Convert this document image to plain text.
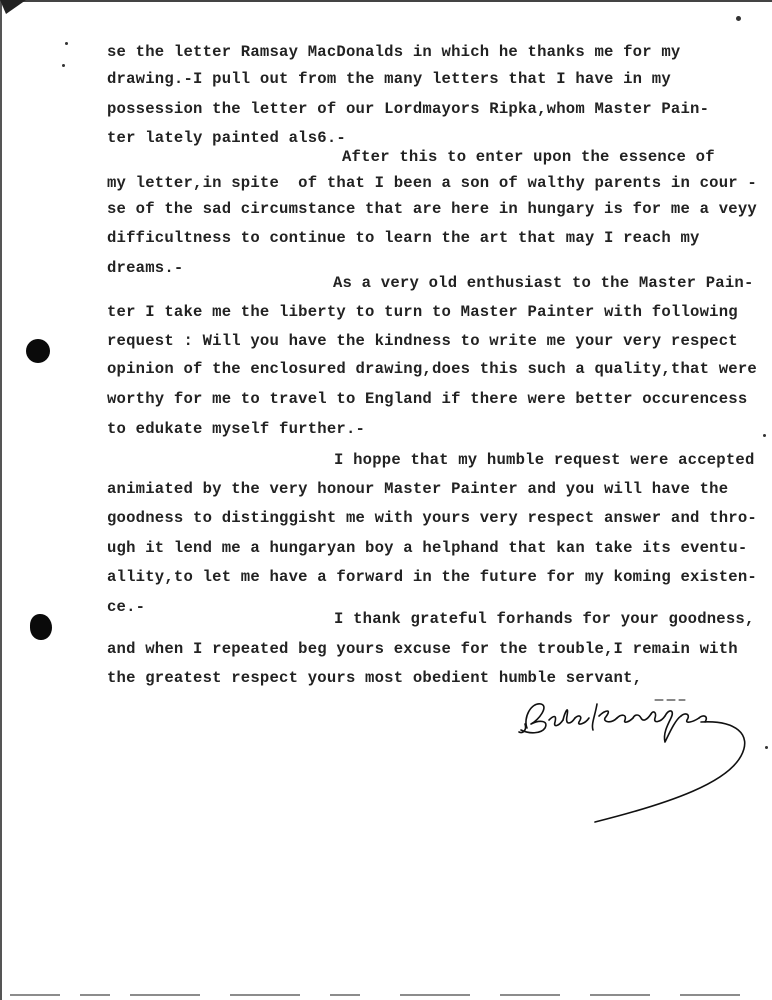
se the letter Ramsay MacDonalds in which he thanks me for my
drawing.-I pull out from the many letters that I have in my
possession the letter of our Lordmayors Ripka,whom Master Pain-
ter lately painted als6.-
After this to enter upon the essence of
my letter,in spite  of that I been a son of walthy parents in cour -
se of the sad circumstance that are here in hungary is for me a veyy
difficultness to continue to learn the art that may I reach my
dreams.-
As a very old enthusiast to the Master Pain-
ter I take me the liberty to turn to Master Painter with following
request : Will you have the kindness to write me your very respect
opinion of the enclosured drawing,does this such a quality,that were
worthy for me to travel to England if there were better occurencess
to edukate myself further.-
I hoppe that my humble request were accepted
animiated by the very honour Master Painter and you will have the
goodness to distinggisht me with yours very respect answer and thro-
ugh it lend me a hungaryan boy a helphand that kan take its eventu-
allity,to let me have a forward in the future for my koming existen-
ce.-
I thank grateful forhands for your goodness,
and when I repeated beg yours excuse for the trouble,I remain with
the greatest respect yours most obedient humble servant,
